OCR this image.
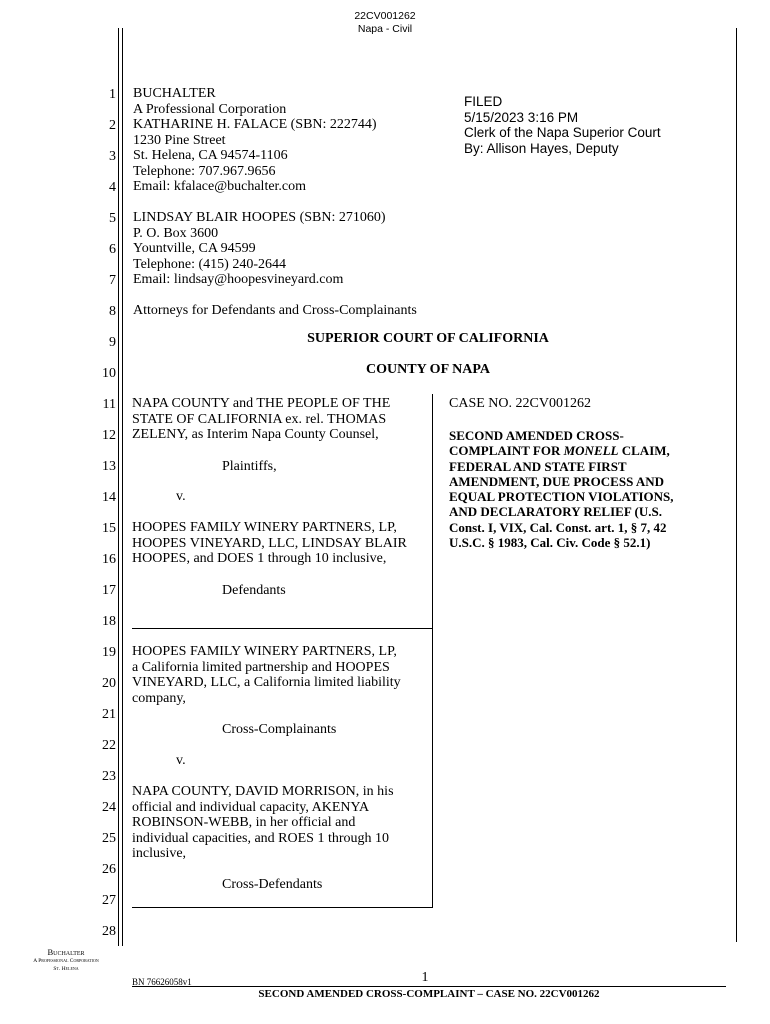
22CV001262
Napa - Civil
1
2
3
4
5
6
7
8
9
10
11
12
13
14
15
16
17
18
19
20
21
22
23
24
25
26
27
28
BUCHALTER
A Professional Corporation
KATHARINE H. FALACE (SBN: 222744)
1230 Pine Street
St. Helena, CA 94574-1106
Telephone: 707.967.9656
Email: kfalace@buchalter.com
FILED
5/15/2023 3:16 PM
Clerk of the Napa Superior Court
By: Allison Hayes, Deputy
LINDSAY BLAIR HOOPES (SBN: 271060)
P. O. Box 3600
Yountville, CA 94599
Telephone: (415) 240-2644
Email: lindsay@hoopesvineyard.com
Attorneys for Defendants and Cross-Complainants
SUPERIOR COURT OF CALIFORNIA
COUNTY OF NAPA
NAPA COUNTY and THE PEOPLE OF THE
STATE OF CALIFORNIA ex. rel. THOMAS
ZELENY, as Interim Napa County Counsel,
Plaintiffs,
v.
HOOPES FAMILY WINERY PARTNERS, LP,
HOOPES VINEYARD, LLC, LINDSAY BLAIR
HOOPES, and DOES 1 through 10 inclusive,
Defendants
HOOPES FAMILY WINERY PARTNERS, LP,
a California limited partnership and HOOPES
VINEYARD, LLC, a California limited liability
company,
Cross-Complainants
v.
NAPA COUNTY, DAVID MORRISON, in his
official and individual capacity, AKENYA
ROBINSON-WEBB, in her official and
individual capacities, and ROES 1 through 10
inclusive,
Cross-Defendants
CASE NO. 22CV001262
SECOND AMENDED CROSS-
COMPLAINT FOR MONELL CLAIM,
FEDERAL AND STATE FIRST
AMENDMENT, DUE PROCESS AND
EQUAL PROTECTION VIOLATIONS,
AND DECLARATORY RELIEF (U.S.
Const. I, VIX, Cal. Const. art. 1, § 7, 42
U.S.C. § 1983, Cal. Civ. Code § 52.1)
Buchalter
A Professional Corporation
St. Helena
BN 76626058v1	1
SECOND AMENDED CROSS-COMPLAINT – CASE NO. 22CV001262
